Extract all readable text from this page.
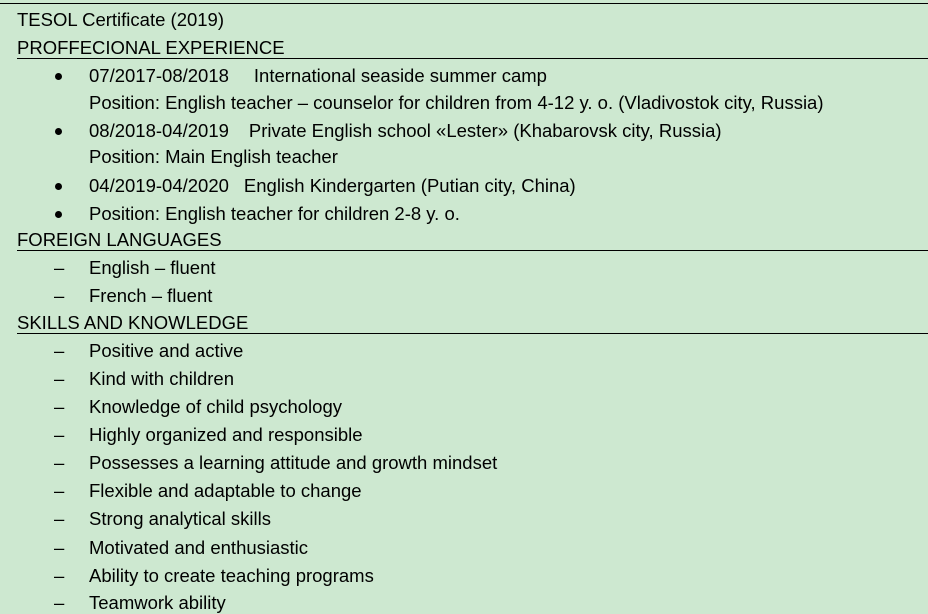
TESOL Certificate (2019)
PROFFECIONAL EXPERIENCE
07/2017-08/2018 International seaside summer camp
Position: English teacher – counselor for children from 4-12 y. o. (Vladivostok city, Russia)
08/2018-04/2019 Private English school «Lester» (Khabarovsk city, Russia)
Position: Main English teacher
04/2019-04/2020 English Kindergarten (Putian city, China)
Position: English teacher for children 2-8 y. o.
FOREIGN LANGUAGES
– English – fluent
– French – fluent
SKILLS AND KNOWLEDGE
– Positive and active
– Kind with children
– Knowledge of child psychology
– Highly organized and responsible
– Possesses a learning attitude and growth mindset
– Flexible and adaptable to change
– Strong analytical skills
– Motivated and enthusiastic
– Ability to create teaching programs
– Teamwork ability
